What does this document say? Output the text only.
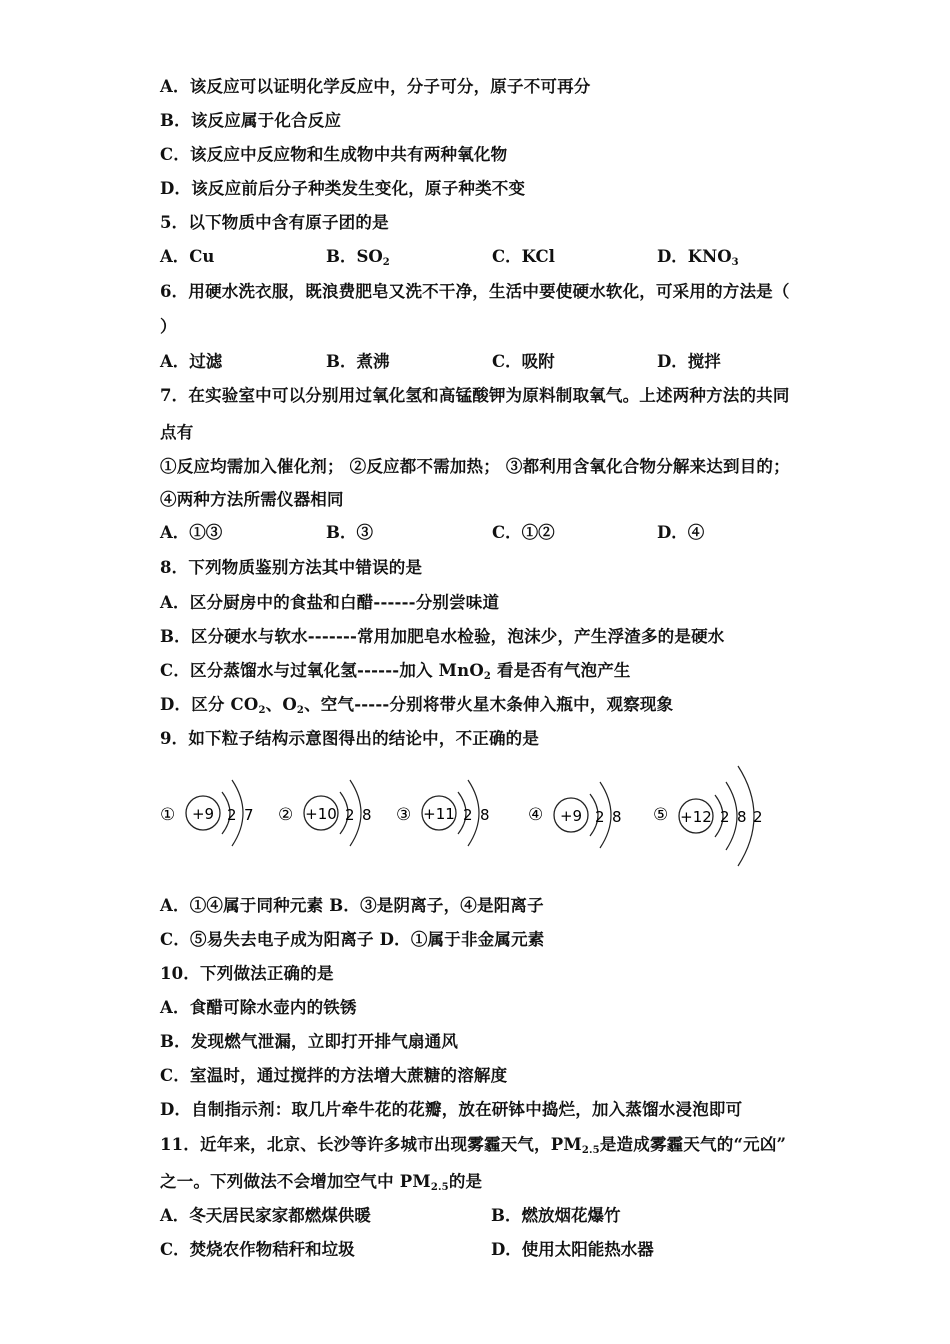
A．该反应可以证明化学反应中，分子可分，原子不可再分
B．该反应属于化合反应
C．该反应中反应物和生成物中共有两种氧化物
D．该反应前后分子种类发生变化，原子种类不变
5．以下物质中含有原子团的是
A．Cu	B．$SO_2$	C．KCl	D．$KNO_3$
6．用硬水洗衣服，既浪费肥皂又洗不干净，生活中要使硬水软化，可采用的方法是（
）
A．过滤	B．煮沸	C．吸附	D．搅拌
7．在实验室中可以分别用过氧化氢和高锰酸钾为原料制取氧气。上述两种方法的共同
点有
①反应均需加入催化剂； ②反应都不需加热； ③都利用含氧化合物分解来达到目的；
④两种方法所需仪器相同
A．①③	B．③	C．①②	D．④
8．下列物质鉴别方法其中错误的是
A．区分厨房中的食盐和白醋------分别尝味道
B．区分硬水与软水-------常用加肥皂水检验，泡沫少，产生浮渣多的是硬水
C．区分蒸馏水与过氧化氢------加入 MnO$_2$ 看是否有气泡产生
D．区分 $CO_2$、$O_2$、空气-----分别将带火星木条伸入瓶中，观察现象
9．如下粒子结构示意图得出的结论中，不正确的是
① +9 2 7 ② +10 2 8 ③ +11 2 8 ④ +9 2 8 ⑤ +12 2 8 2
A．①④属于同种元素 B．③是阴离子，④是阳离子
C．⑤易失去电子成为阳离子 D．①属于非金属元素
10．下列做法正确的是
A．食醋可除水壶内的铁锈
B．发现燃气泄漏，立即打开排气扇通风
C．室温时，通过搅拌的方法增大蔗糖的溶解度
D．自制指示剂：取几片牵牛花的花瓣，放在研钵中捣烂，加入蒸馏水浸泡即可
11．近年来，北京、长沙等许多城市出现雾霾天气，$PM_{2.5}$是造成雾霾天气的“元凶”
之一。下列做法不会增加空气中 $PM_{2.5}$的是
A．冬天居民家家都燃煤供暖	B．燃放烟花爆竹
C．焚烧农作物秸秆和垃圾	D．使用太阳能热水器
